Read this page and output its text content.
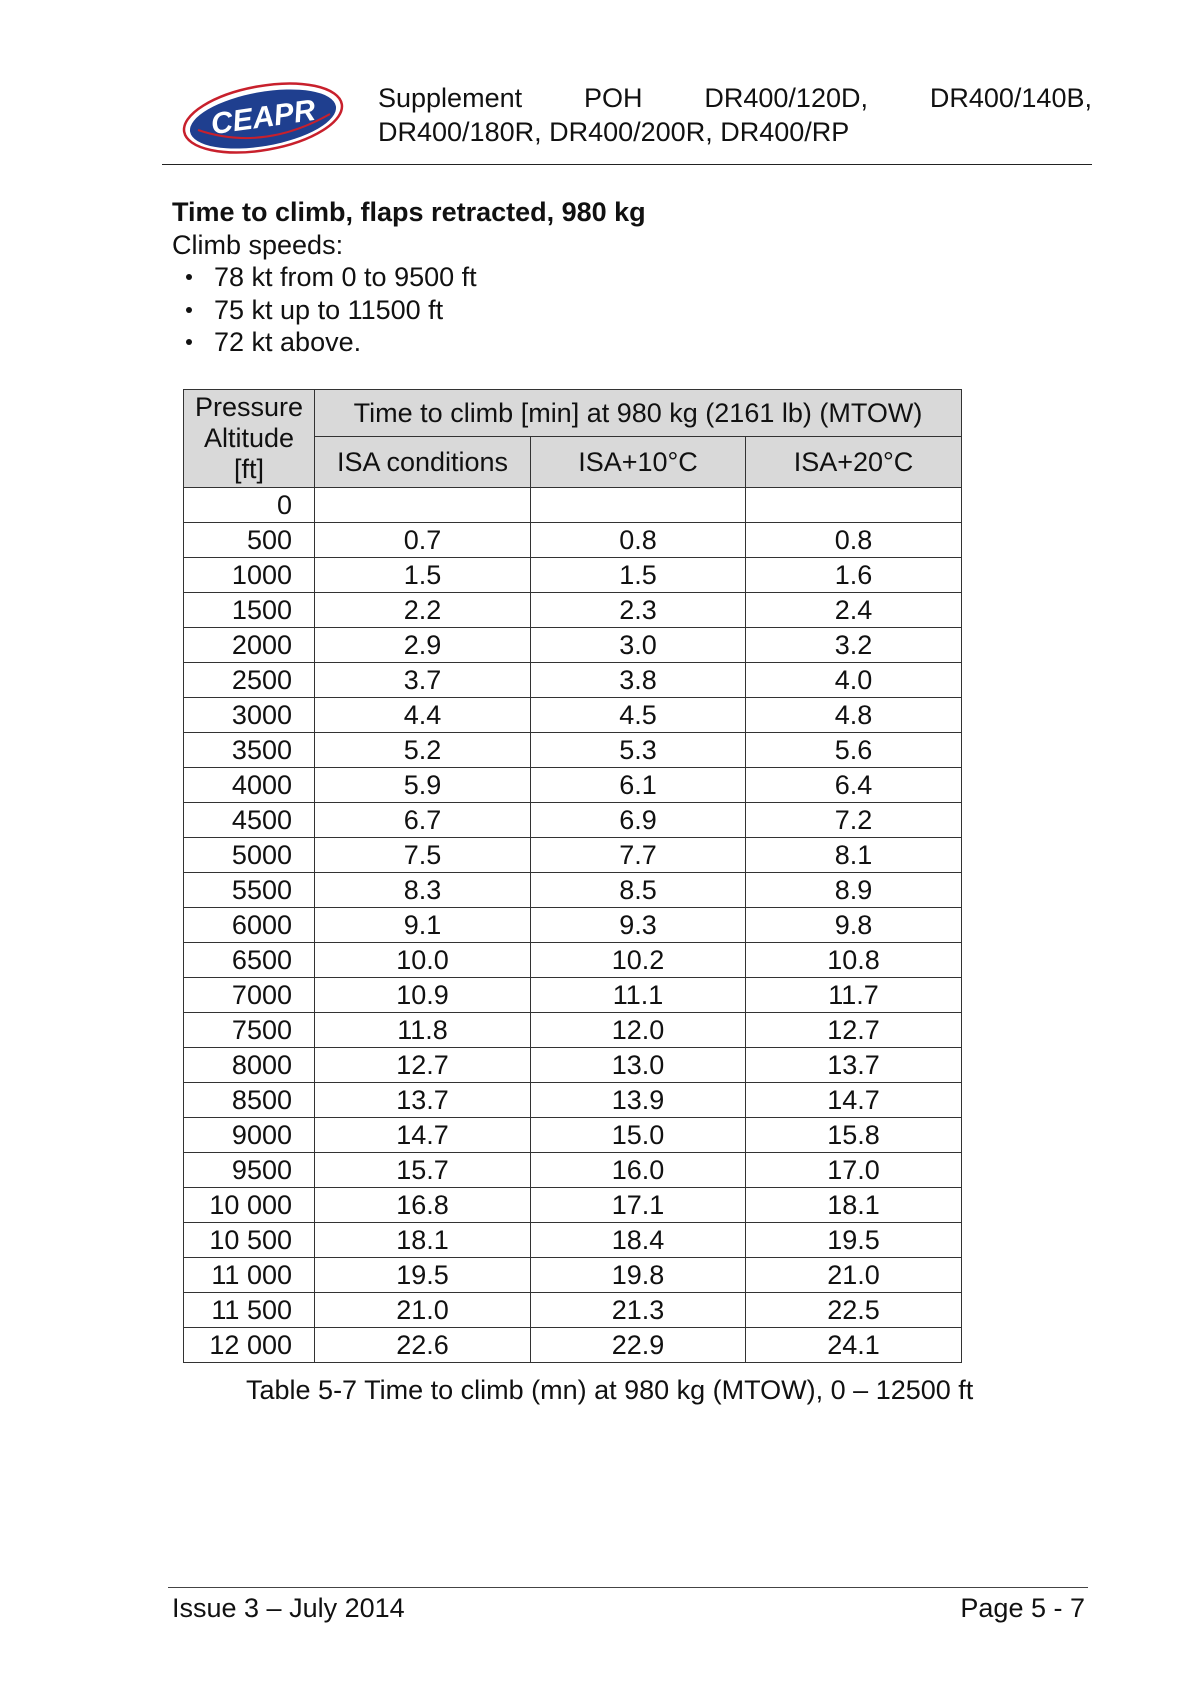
CEAPR Supplement POH DR400/120D, DR400/140B,
DR400/180R, DR400/200R, DR400/RP
Time to climb, flaps retracted, 980 kg
Climb speeds:
78 kt from 0 to 9500 ft
75 kt up to 11500 ft
72 kt above.
Pressure
Altitude
[ft]	Time to climb [min] at 980 kg (2161 lb) (MTOW)		
	ISA conditions	ISA+10°C	ISA+20°C
0			
500	0.7	0.8	0.8
1000	1.5	1.5	1.6
1500	2.2	2.3	2.4
2000	2.9	3.0	3.2
2500	3.7	3.8	4.0
3000	4.4	4.5	4.8
3500	5.2	5.3	5.6
4000	5.9	6.1	6.4
4500	6.7	6.9	7.2
5000	7.5	7.7	8.1
5500	8.3	8.5	8.9
6000	9.1	9.3	9.8
6500	10.0	10.2	10.8
7000	10.9	11.1	11.7
7500	11.8	12.0	12.7
8000	12.7	13.0	13.7
8500	13.7	13.9	14.7
9000	14.7	15.0	15.8
9500	15.7	16.0	17.0
10 000	16.8	17.1	18.1
10 500	18.1	18.4	19.5
11 000	19.5	19.8	21.0
11 500	21.0	21.3	22.5
12 000	22.6	22.9	24.1
Table 5-7 Time to climb (mn) at 980 kg (MTOW), 0 – 12500 ft
Issue 3 – July 2014	Page 5 - 7
